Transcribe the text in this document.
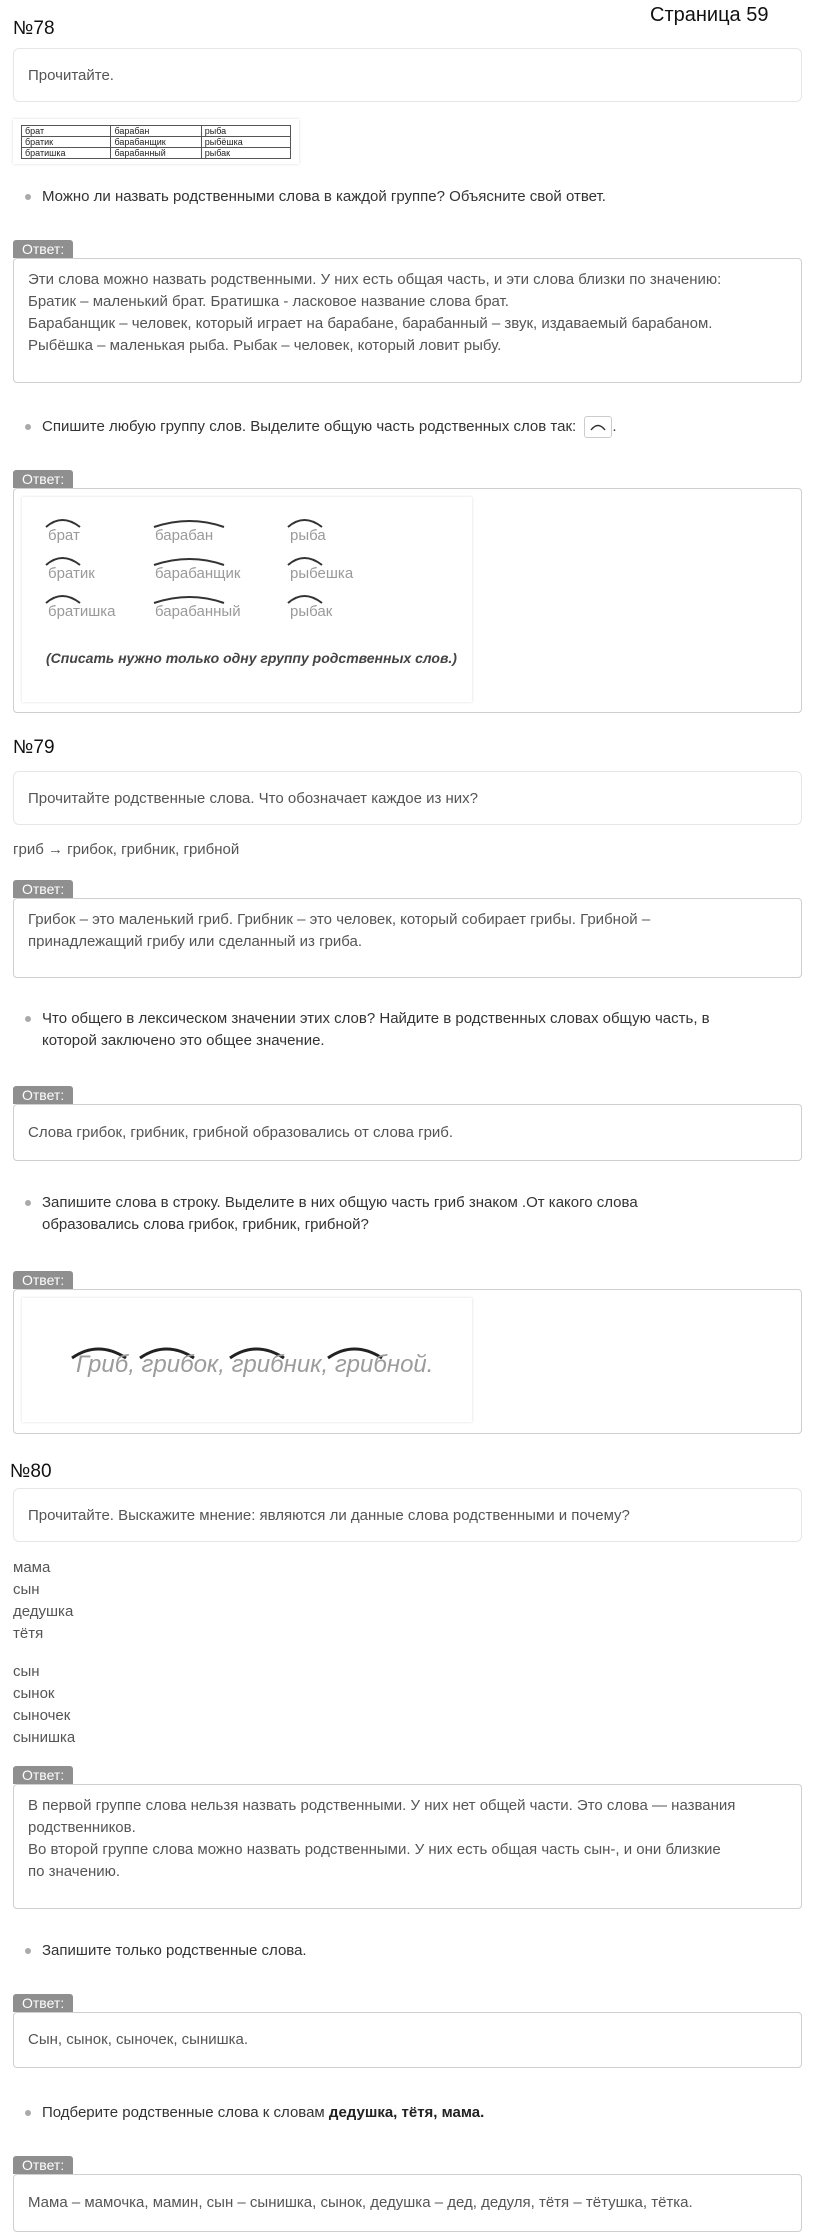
Страница 59
№78
Прочитайте.
брат	барабан	рыба
братик	барабанщик	рыбёшка
братишка	барабанный	рыбак
Можно ли назвать родственными слова в каждой группе? Объясните свой ответ.
Ответ:
Эти слова можно назвать родственными. У них есть общая часть, и эти слова близки по значению:
Братик – маленький брат. Братишка - ласковое название слова брат.
Барабанщик – человек, который играет на барабане, барабанный – звук, издаваемый барабаном.
Рыбёшка – маленькая рыба. Рыбак – человек, который ловит рыбу.
Спишите любую группу слов. Выделите общую часть родственных слов так: .
Ответ:
брат	барабан	рыба
братик	барабанщик	рыбешка
братишка	барабанный	рыбак
(Списать нужно только одну группу родственных слов.)
№79
Прочитайте родственные слова. Что обозначает каждое из них?
гриб → грибок, грибник, грибной
Ответ:
Грибок – это маленький гриб. Грибник – это человек, который собирает грибы. Грибной –
принадлежащий грибу или сделанный из гриба.
Что общего в лексическом значении этих слов? Найдите в родственных словах общую часть, в
которой заключено это общее значение.
Ответ:
Слова грибок, грибник, грибной образовались от слова гриб.
Запишите слова в строку. Выделите в них общую часть гриб знаком .От какого слова
образовались слова грибок, грибник, грибной?
Ответ:
Гриб, грибок, грибник, грибной.
№80
Прочитайте. Выскажите мнение: являются ли данные слова родственными и почему?
мама
сын
дедушка
тётя
сын
сынок
сыночек
сынишка
Ответ:
В первой группе слова нельзя назвать родственными. У них нет общей части. Это слова — названия
родственников.
Во второй группе слова можно назвать родственными. У них есть общая часть сын-, и они близкие
по значению.
Запишите только родственные слова.
Ответ:
Сын, сынок, сыночек, сынишка.
Подберите родственные слова к словам дедушка, тётя, мама.
Ответ:
Мама – мамочка, мамин, сын – сынишка, сынок, дедушка – дед, дедуля, тётя – тётушка, тётка.
